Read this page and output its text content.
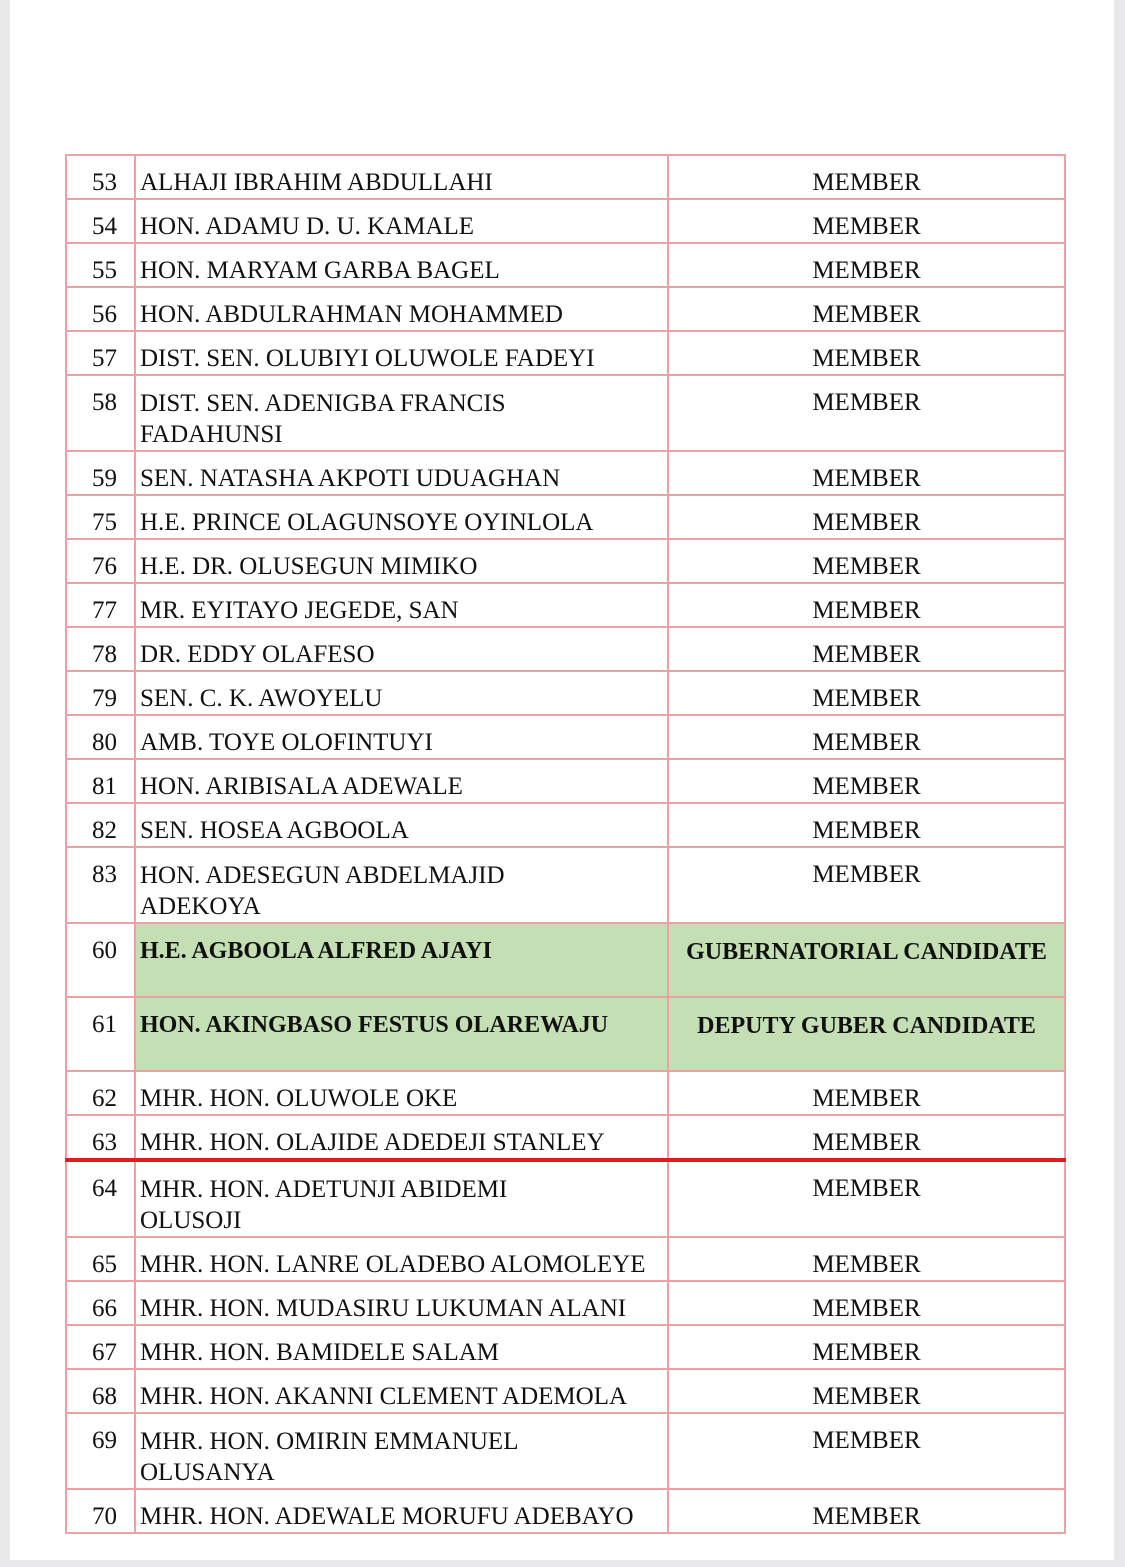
53	ALHAJI IBRAHIM ABDULLAHI	MEMBER
54	HON. ADAMU D. U. KAMALE	MEMBER
55	HON. MARYAM GARBA BAGEL	MEMBER
56	HON. ABDULRAHMAN MOHAMMED	MEMBER
57	DIST. SEN. OLUBIYI OLUWOLE FADEYI	MEMBER
58	DIST. SEN. ADENIGBA FRANCIS FADAHUNSI	MEMBER
59	SEN. NATASHA AKPOTI UDUAGHAN	MEMBER
75	H.E. PRINCE OLAGUNSOYE OYINLOLA	MEMBER
76	H.E. DR. OLUSEGUN MIMIKO	MEMBER
77	MR. EYITAYO JEGEDE, SAN	MEMBER
78	DR. EDDY OLAFESO	MEMBER
79	SEN. C. K. AWOYELU	MEMBER
80	AMB. TOYE OLOFINTUYI	MEMBER
81	HON. ARIBISALA ADEWALE	MEMBER
82	SEN. HOSEA AGBOOLA	MEMBER
83	HON. ADESEGUN ABDELMAJID ADEKOYA	MEMBER
60	H.E. AGBOOLA ALFRED AJAYI	GUBERNATORIAL CANDIDATE
61	HON. AKINGBASO FESTUS OLAREWAJU	DEPUTY GUBER CANDIDATE
62	MHR. HON. OLUWOLE OKE	MEMBER
63	MHR. HON. OLAJIDE ADEDEJI STANLEY	MEMBER
64	MHR. HON. ADETUNJI ABIDEMI OLUSOJI	MEMBER
65	MHR. HON. LANRE OLADEBO ALOMOLEYE	MEMBER
66	MHR. HON. MUDASIRU LUKUMAN ALANI	MEMBER
67	MHR. HON. BAMIDELE SALAM	MEMBER
68	MHR. HON. AKANNI CLEMENT ADEMOLA	MEMBER
69	MHR. HON. OMIRIN EMMANUEL OLUSANYA	MEMBER
70	MHR. HON. ADEWALE MORUFU ADEBAYO	MEMBER
